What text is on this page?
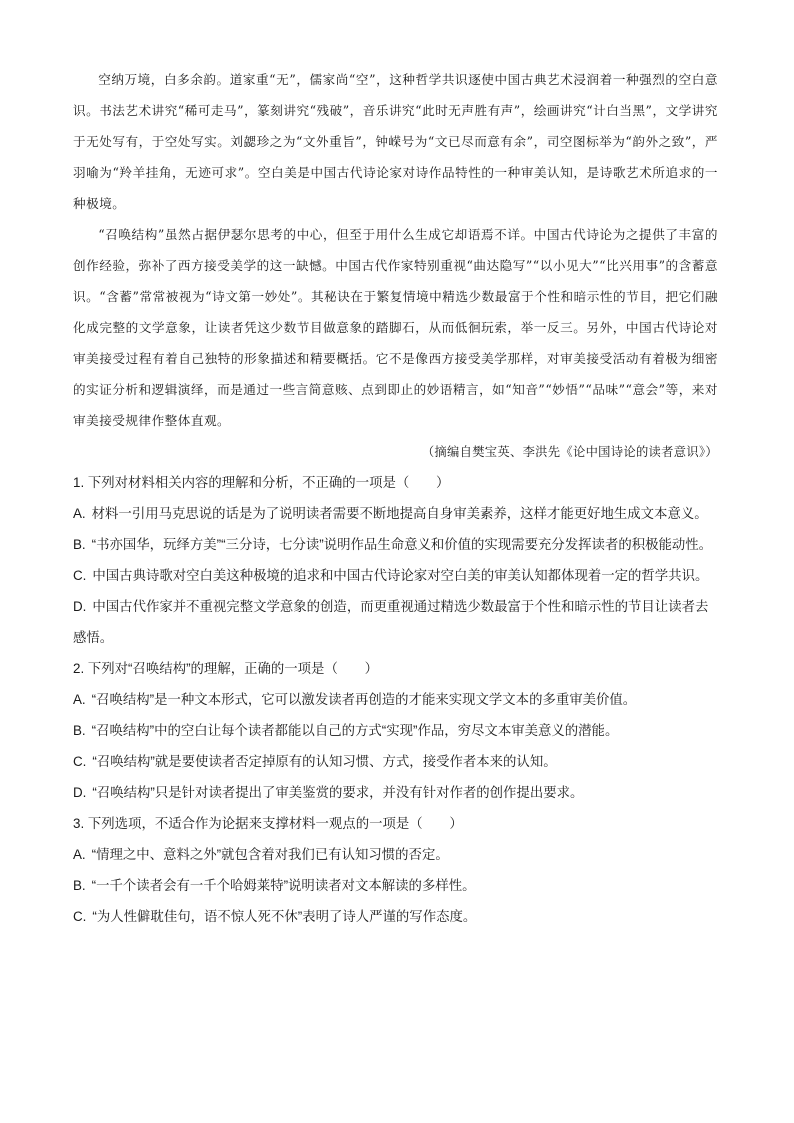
空纳万境，白多余韵。道家重“无”，儒家尚“空”，这种哲学共识逐使中国古典艺术浸润着一种强烈的空白意识。书法艺术讲究“稀可走马”，篆刻讲究“残破”，音乐讲究“此时无声胜有声”，绘画讲究“计白当黑”，文学讲究于无处写有，于空处写实。刘勰珍之为“文外重旨”，钟嵘号为“文已尽而意有余”，司空图标举为“韵外之致”，严羽喻为“羚羊挂角，无迹可求”。空白美是中国古代诗论家对诗作品特性的一种审美认知，是诗歌艺术所追求的一种极境。

“召唤结构”虽然占据伊瑟尔思考的中心，但至于用什么生成它却语焉不详。中国古代诗论为之提供了丰富的创作经验，弥补了西方接受美学的这一缺憾。中国古代作家特别重视“曲达隐写”“以小见大”“比兴用事”的含蓄意识。“含蓄”常常被视为“诗文第一妙处”。其秘诀在于繁复情境中精选少数最富于个性和暗示性的节目，把它们融化成完整的文学意象，让读者凭这少数节目做意象的踏脚石，从而低徊玩索，举一反三。另外，中国古代诗论对审美接受过程有着自己独特的形象描述和精要概括。它不是像西方接受美学那样，对审美接受活动有着极为细密的实证分析和逻辑演绎，而是通过一些言简意赅、点到即止的妙语精言，如“知音”“妙悟”“品味”“意会”等，来对审美接受规律作整体直观。

（摘编自樊宝英、李洪先《论中国诗论的读者意识》）

1. 下列对材料相关内容的理解和分析，不正确的一项是（　　）

A. 材料一引用马克思说的话是为了说明读者需要不断地提高自身审美素养，这样才能更好地生成文本意义。

B. “书亦国华，玩绎方美”“三分诗，七分读”说明作品生命意义和价值的实现需要充分发挥读者的积极能动性。

C. 中国古典诗歌对空白美这种极境的追求和中国古代诗论家对空白美的审美认知都体现着一定的哲学共识。

D. 中国古代作家并不重视完整文学意象的创造，而更重视通过精选少数最富于个性和暗示性的节目让读者去感悟。

2. 下列对“召唤结构”的理解，正确的一项是（　　）

A. “召唤结构”是一种文本形式，它可以激发读者再创造的才能来实现文学文本的多重审美价值。

B. “召唤结构”中的空白让每个读者都能以自己的方式“实现”作品，穷尽文本审美意义的潜能。

C. “召唤结构”就是要使读者否定掉原有的认知习惯、方式，接受作者本来的认知。

D. “召唤结构”只是针对读者提出了审美鉴赏的要求，并没有针对作者的创作提出要求。

3. 下列选项，不适合作为论据来支撑材料一观点的一项是（　　）

A. “情理之中、意料之外”就包含着对我们已有认知习惯的否定。

B. “一千个读者会有一千个哈姆莱特”说明读者对文本解读的多样性。

C. “为人性僻耽佳句，语不惊人死不休”表明了诗人严谨的写作态度。
